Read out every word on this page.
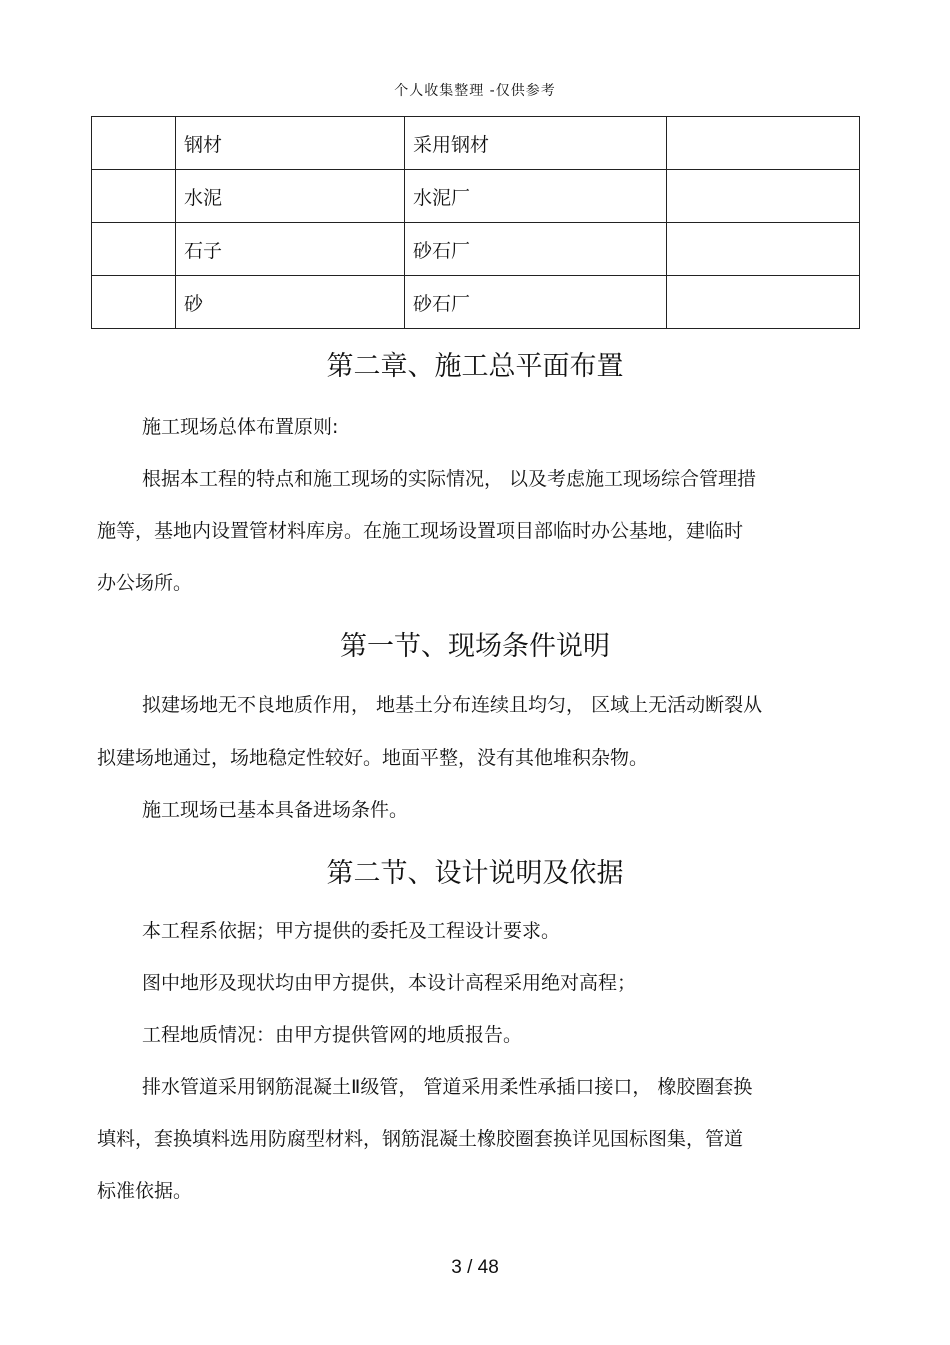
个人收集整理 -仅供参考
	钢材	采用钢材	
	水泥	水泥厂	
	石子	砂石厂	
	砂	砂石厂	
第二章、施工总平面布置
施工现场总体布置原则:
根据本工程的特点和施工现场的实际情况， 以及考虑施工现场综合管理措
施等，基地内设置管材料库房。在施工现场设置项目部临时办公基地，建临时
办公场所。
第一节、现场条件说明
拟建场地无不良地质作用， 地基土分布连续且均匀， 区域上无活动断裂从
拟建场地通过，场地稳定性较好。地面平整，没有其他堆积杂物。
施工现场已基本具备进场条件。
第二节、设计说明及依据
本工程系依据；甲方提供的委托及工程设计要求。
图中地形及现状均由甲方提供，本设计高程采用绝对高程；
工程地质情况：由甲方提供管网的地质报告。
排水管道采用钢筋混凝土Ⅱ级管， 管道采用柔性承插口接口， 橡胶圈套换
填料，套换填料选用防腐型材料，钢筋混凝土橡胶圈套换详见国标图集，管道
标准依据。
3 / 48
